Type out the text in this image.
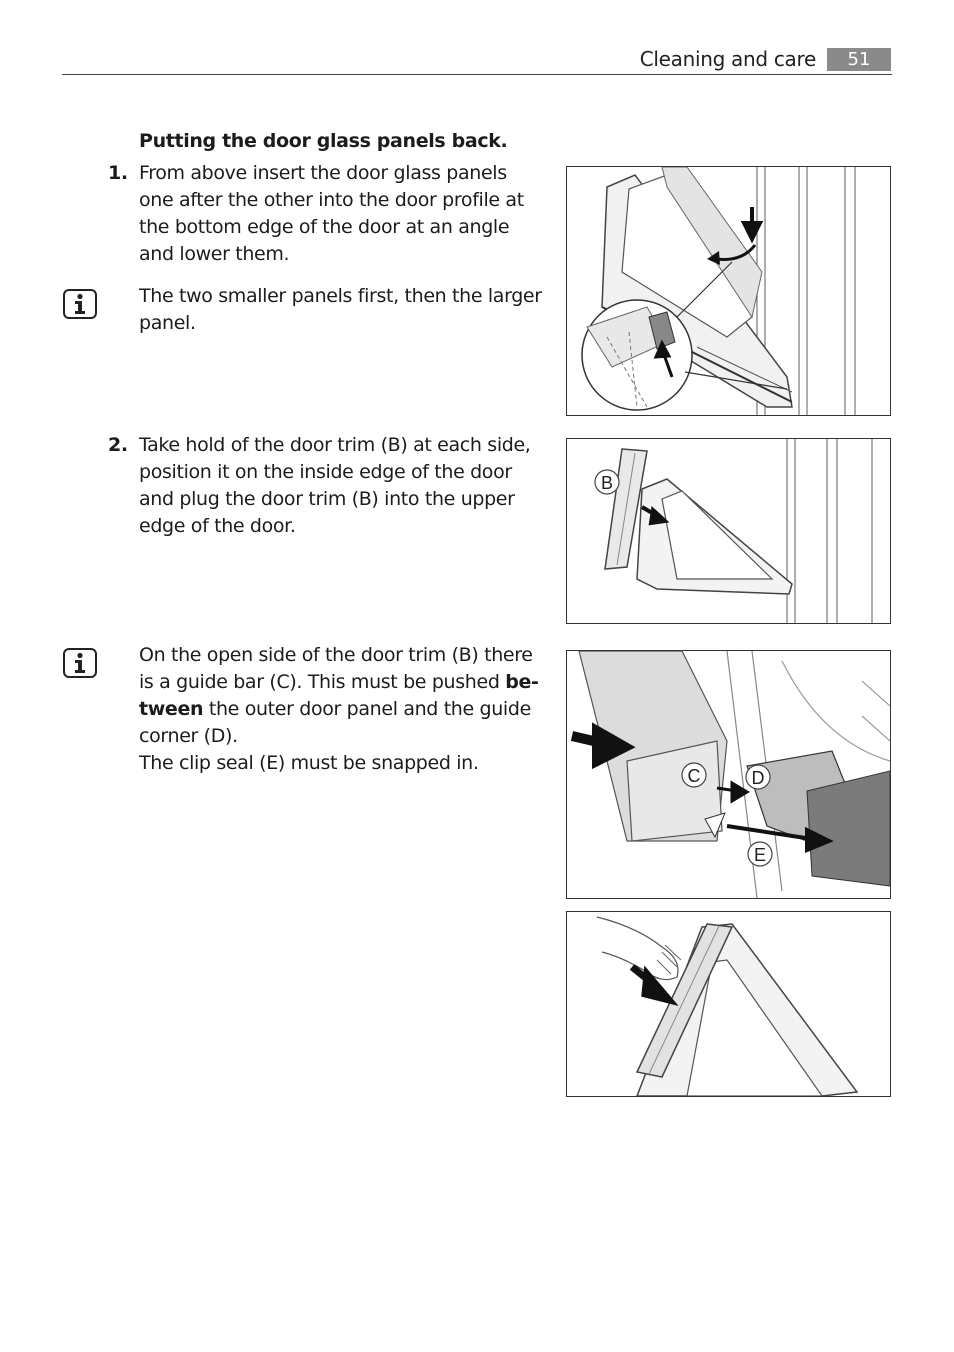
Cleaning and care	51
Putting the door glass panels back.
1. From above insert the door glass panels
one after the other into the door profile at
the bottom edge of the door at an angle
and lower them.
The two smaller panels first, then the larger
panel.
2. Take hold of the door trim (B) at each side,
position it on the inside edge of the door
and plug the door trim (B) into the upper
edge of the door.
On the open side of the door trim (B) there
is a guide bar (C). This must be pushed be-
tween the outer door panel and the guide
corner (D).
The clip seal (E) must be snapped in.
B
C	D
E
